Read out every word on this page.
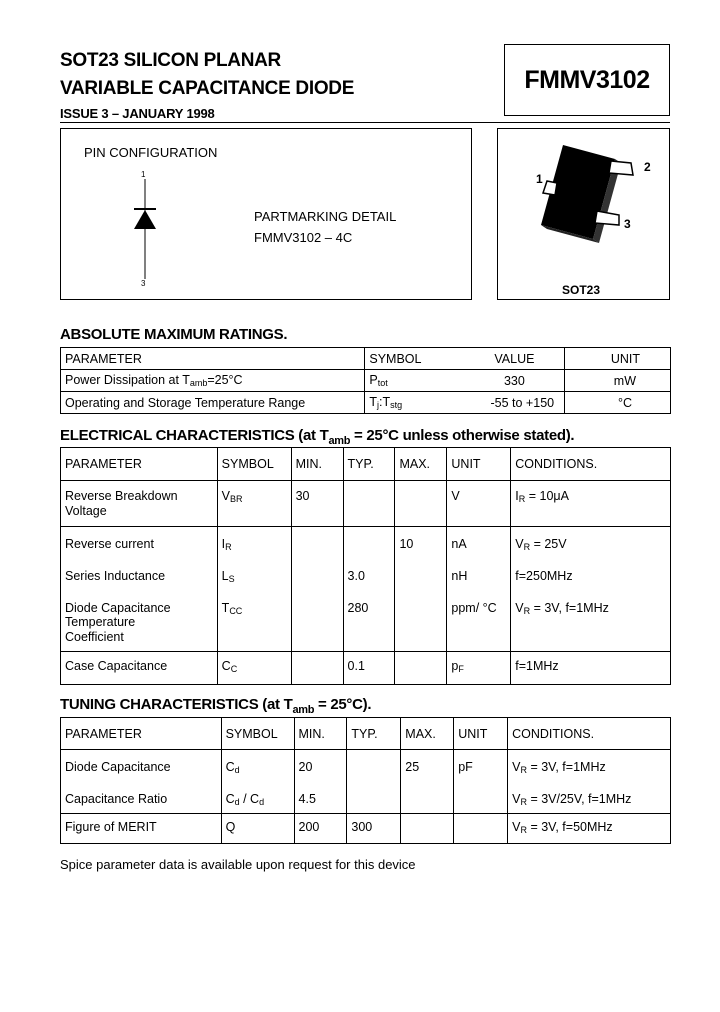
SOT23 SILICON PLANAR
VARIABLE CAPACITANCE DIODE
ISSUE 3 – JANUARY 1998
FMMV3102
PIN CONFIGURATION
1
3
PARTMARKING DETAIL
FMMV3102 – 4C
1
2
3
SOT23
ABSOLUTE MAXIMUM RATINGS.
PARAMETER	SYMBOL	VALUE	UNIT
Power Dissipation at Tamb=25°C	Ptot	330	mW
Operating and Storage Temperature Range	Tj:Tstg	-55 to +150	°C
ELECTRICAL CHARACTERISTICS (at $T_{amb} = 25^\circ C$ unless otherwise stated).
PARAMETER	SYMBOL	MIN.	TYP.	MAX.	UNIT	CONDITIONS.
Reverse Breakdown
Voltage	VBR	30			V	IR = 10μA
Reverse current	IR			10	nA	VR = 25V
Series Inductance	LS		3.0		nH	f=250MHz
Diode Capacitance
Temperature
Coefficient	TCC		280		ppm/ °C	VR = 3V, f=1MHz
Case Capacitance	CC		0.1		pF	f=1MHz
TUNING CHARACTERISTICS (at $T_{amb} = 25^\circ C$).
PARAMETER	SYMBOL	MIN.	TYP.	MAX.	UNIT	CONDITIONS.
Diode Capacitance	Cd	20		25	pF	VR = 3V, f=1MHz
Capacitance Ratio	Cd / Cd	4.5				VR = 3V/25V, f=1MHz
Figure of MERIT	Q	200	300			VR = 3V, f=50MHz
Spice parameter data is available upon request for this device
